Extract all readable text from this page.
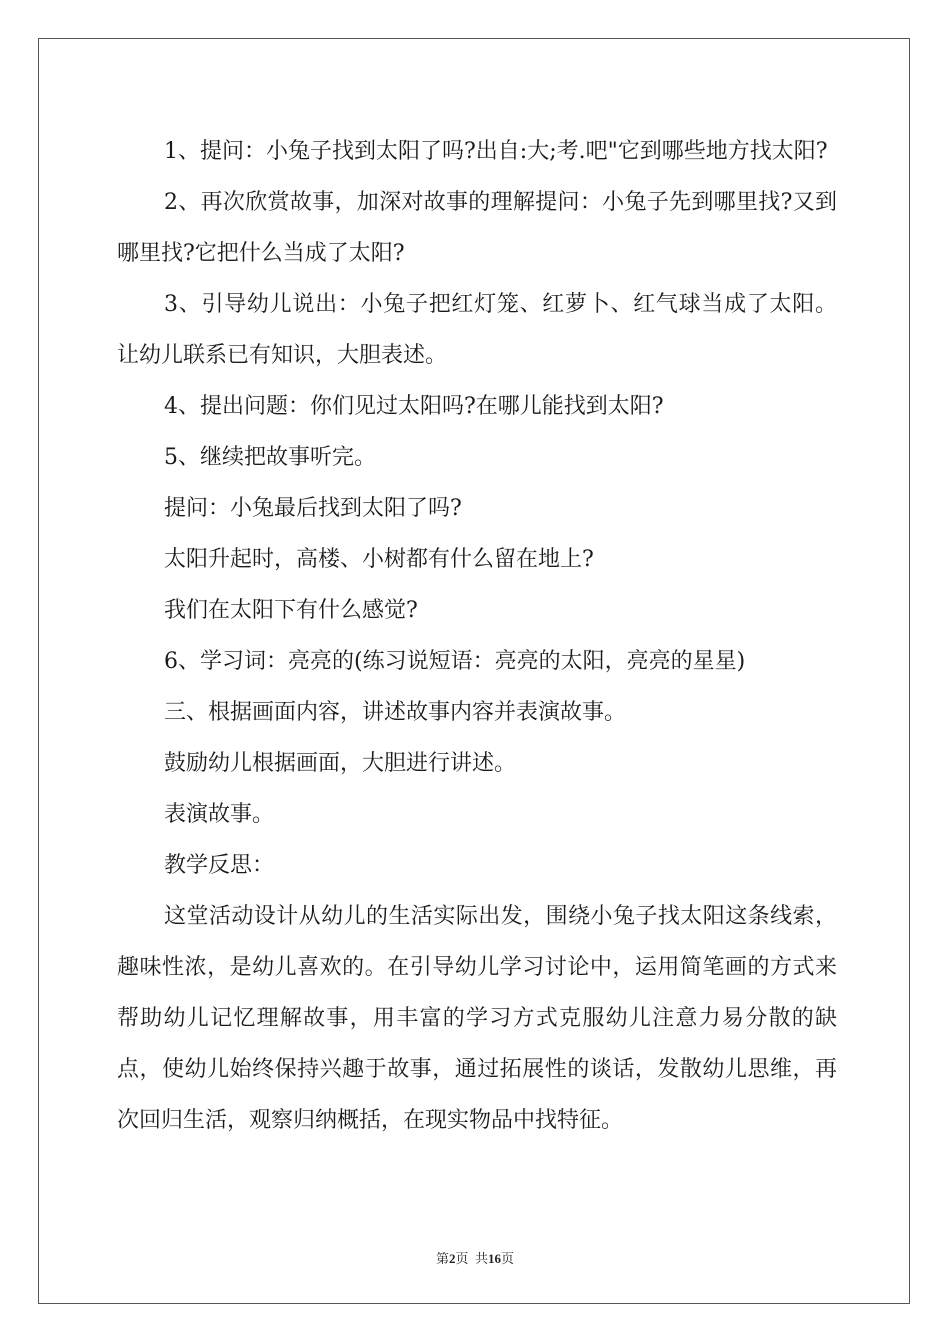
1、提问：小兔子找到太阳了吗?出自:大;考.吧"它到哪些地方找太阳?

2、再次欣赏故事，加深对故事的理解提问：小兔子先到哪里找?又到哪里找?它把什么当成了太阳?

3、引导幼儿说出：小兔子把红灯笼、红萝卜、红气球当成了太阳。让幼儿联系已有知识，大胆表述。

4、提出问题：你们见过太阳吗?在哪儿能找到太阳?

5、继续把故事听完。

提问：小兔最后找到太阳了吗?

太阳升起时，高楼、小树都有什么留在地上?

我们在太阳下有什么感觉?

6、学习词：亮亮的(练习说短语：亮亮的太阳，亮亮的星星)

三、根据画面内容，讲述故事内容并表演故事。

鼓励幼儿根据画面，大胆进行讲述。

表演故事。

教学反思：

这堂活动设计从幼儿的生活实际出发，围绕小兔子找太阳这条线索，趣味性浓，是幼儿喜欢的。在引导幼儿学习讨论中，运用简笔画的方式来帮助幼儿记忆理解故事，用丰富的学习方式克服幼儿注意力易分散的缺点，使幼儿始终保持兴趣于故事，通过拓展性的谈话，发散幼儿思维，再次回归生活，观察归纳概括，在现实物品中找特征。

第2页  共16页
